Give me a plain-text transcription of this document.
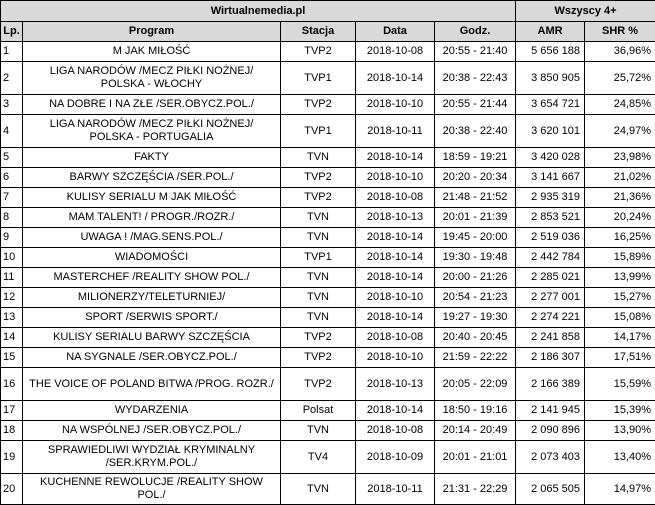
Wirtualnemedia.pl					Wszyscy 4+	
Lp.	Program	Stacja	Data	Godz.	AMR	SHR %
1	M JAK MIŁOŚĆ	TVP2	2018-10-08	20:55 - 21:40	5 656 188	36,96%
2	LIGA NARODÓW /MECZ PIŁKI NOŻNEJ/ POLSKA - WŁOCHY	TVP1	2018-10-14	20:38 - 22:43	3 850 905	25,72%
3	NA DOBRE I NA ZŁE /SER.OBYCZ.POL./	TVP2	2018-10-10	20:55 - 21:44	3 654 721	24,85%
4	LIGA NARODÓW /MECZ PIŁKI NOŻNEJ/ POLSKA - PORTUGALIA	TVP1	2018-10-11	20:38 - 22:40	3 620 101	24,97%
5	FAKTY	TVN	2018-10-14	18:59 - 19:21	3 420 028	23,98%
6	BARWY SZCZĘŚCIA /SER.POL./	TVP2	2018-10-10	20:20 - 20:34	3 141 667	21,02%
7	KULISY SERIALU M JAK MIŁOŚĆ	TVP2	2018-10-08	21:48 - 21:52	2 935 319	21,36%
8	MAM TALENT! / PROGR./ROZR./	TVN	2018-10-13	20:01 - 21:39	2 853 521	20,24%
9	UWAGA ! /MAG.SENS.POL./	TVN	2018-10-14	19:45 - 20:00	2 519 036	16,25%
10	WIADOMOŚCI	TVP1	2018-10-14	19:30 - 19:48	2 442 784	15,89%
11	MASTERCHEF /REALITY SHOW POL./	TVN	2018-10-14	20:00 - 21:26	2 285 021	13,99%
12	MILIONERZY/TELETURNIEJ/	TVN	2018-10-10	20:54 - 21:23	2 277 001	15,27%
13	SPORT /SERWIS SPORT./	TVN	2018-10-14	19:27 - 19:30	2 274 221	15,08%
14	KULISY SERIALU BARWY SZCZĘŚCIA	TVP2	2018-10-08	20:40 - 20:45	2 241 858	14,17%
15	NA SYGNALE /SER.OBYCZ.POL./	TVP2	2018-10-10	21:59 - 22:22	2 186 307	17,51%
16	THE VOICE OF POLAND BITWA /PROG. ROZR./	TVP2	2018-10-13	20:05 - 22:09	2 166 389	15,59%
17	WYDARZENIA	Polsat	2018-10-14	18:50 - 19:16	2 141 945	15,39%
18	NA WSPÓLNEJ /SER.OBYCZ.POL./	TVN	2018-10-08	20:14 - 20:49	2 090 896	13,90%
19	SPRAWIEDLIWI WYDZIAŁ KRYMINALNY /SER.KRYM.POL./	TV4	2018-10-09	20:01 - 21:01	2 073 403	13,40%
20	KUCHENNE REWOLUCJE /REALITY SHOW POL./	TVN	2018-10-11	21:31 - 22:29	2 065 505	14,97%
